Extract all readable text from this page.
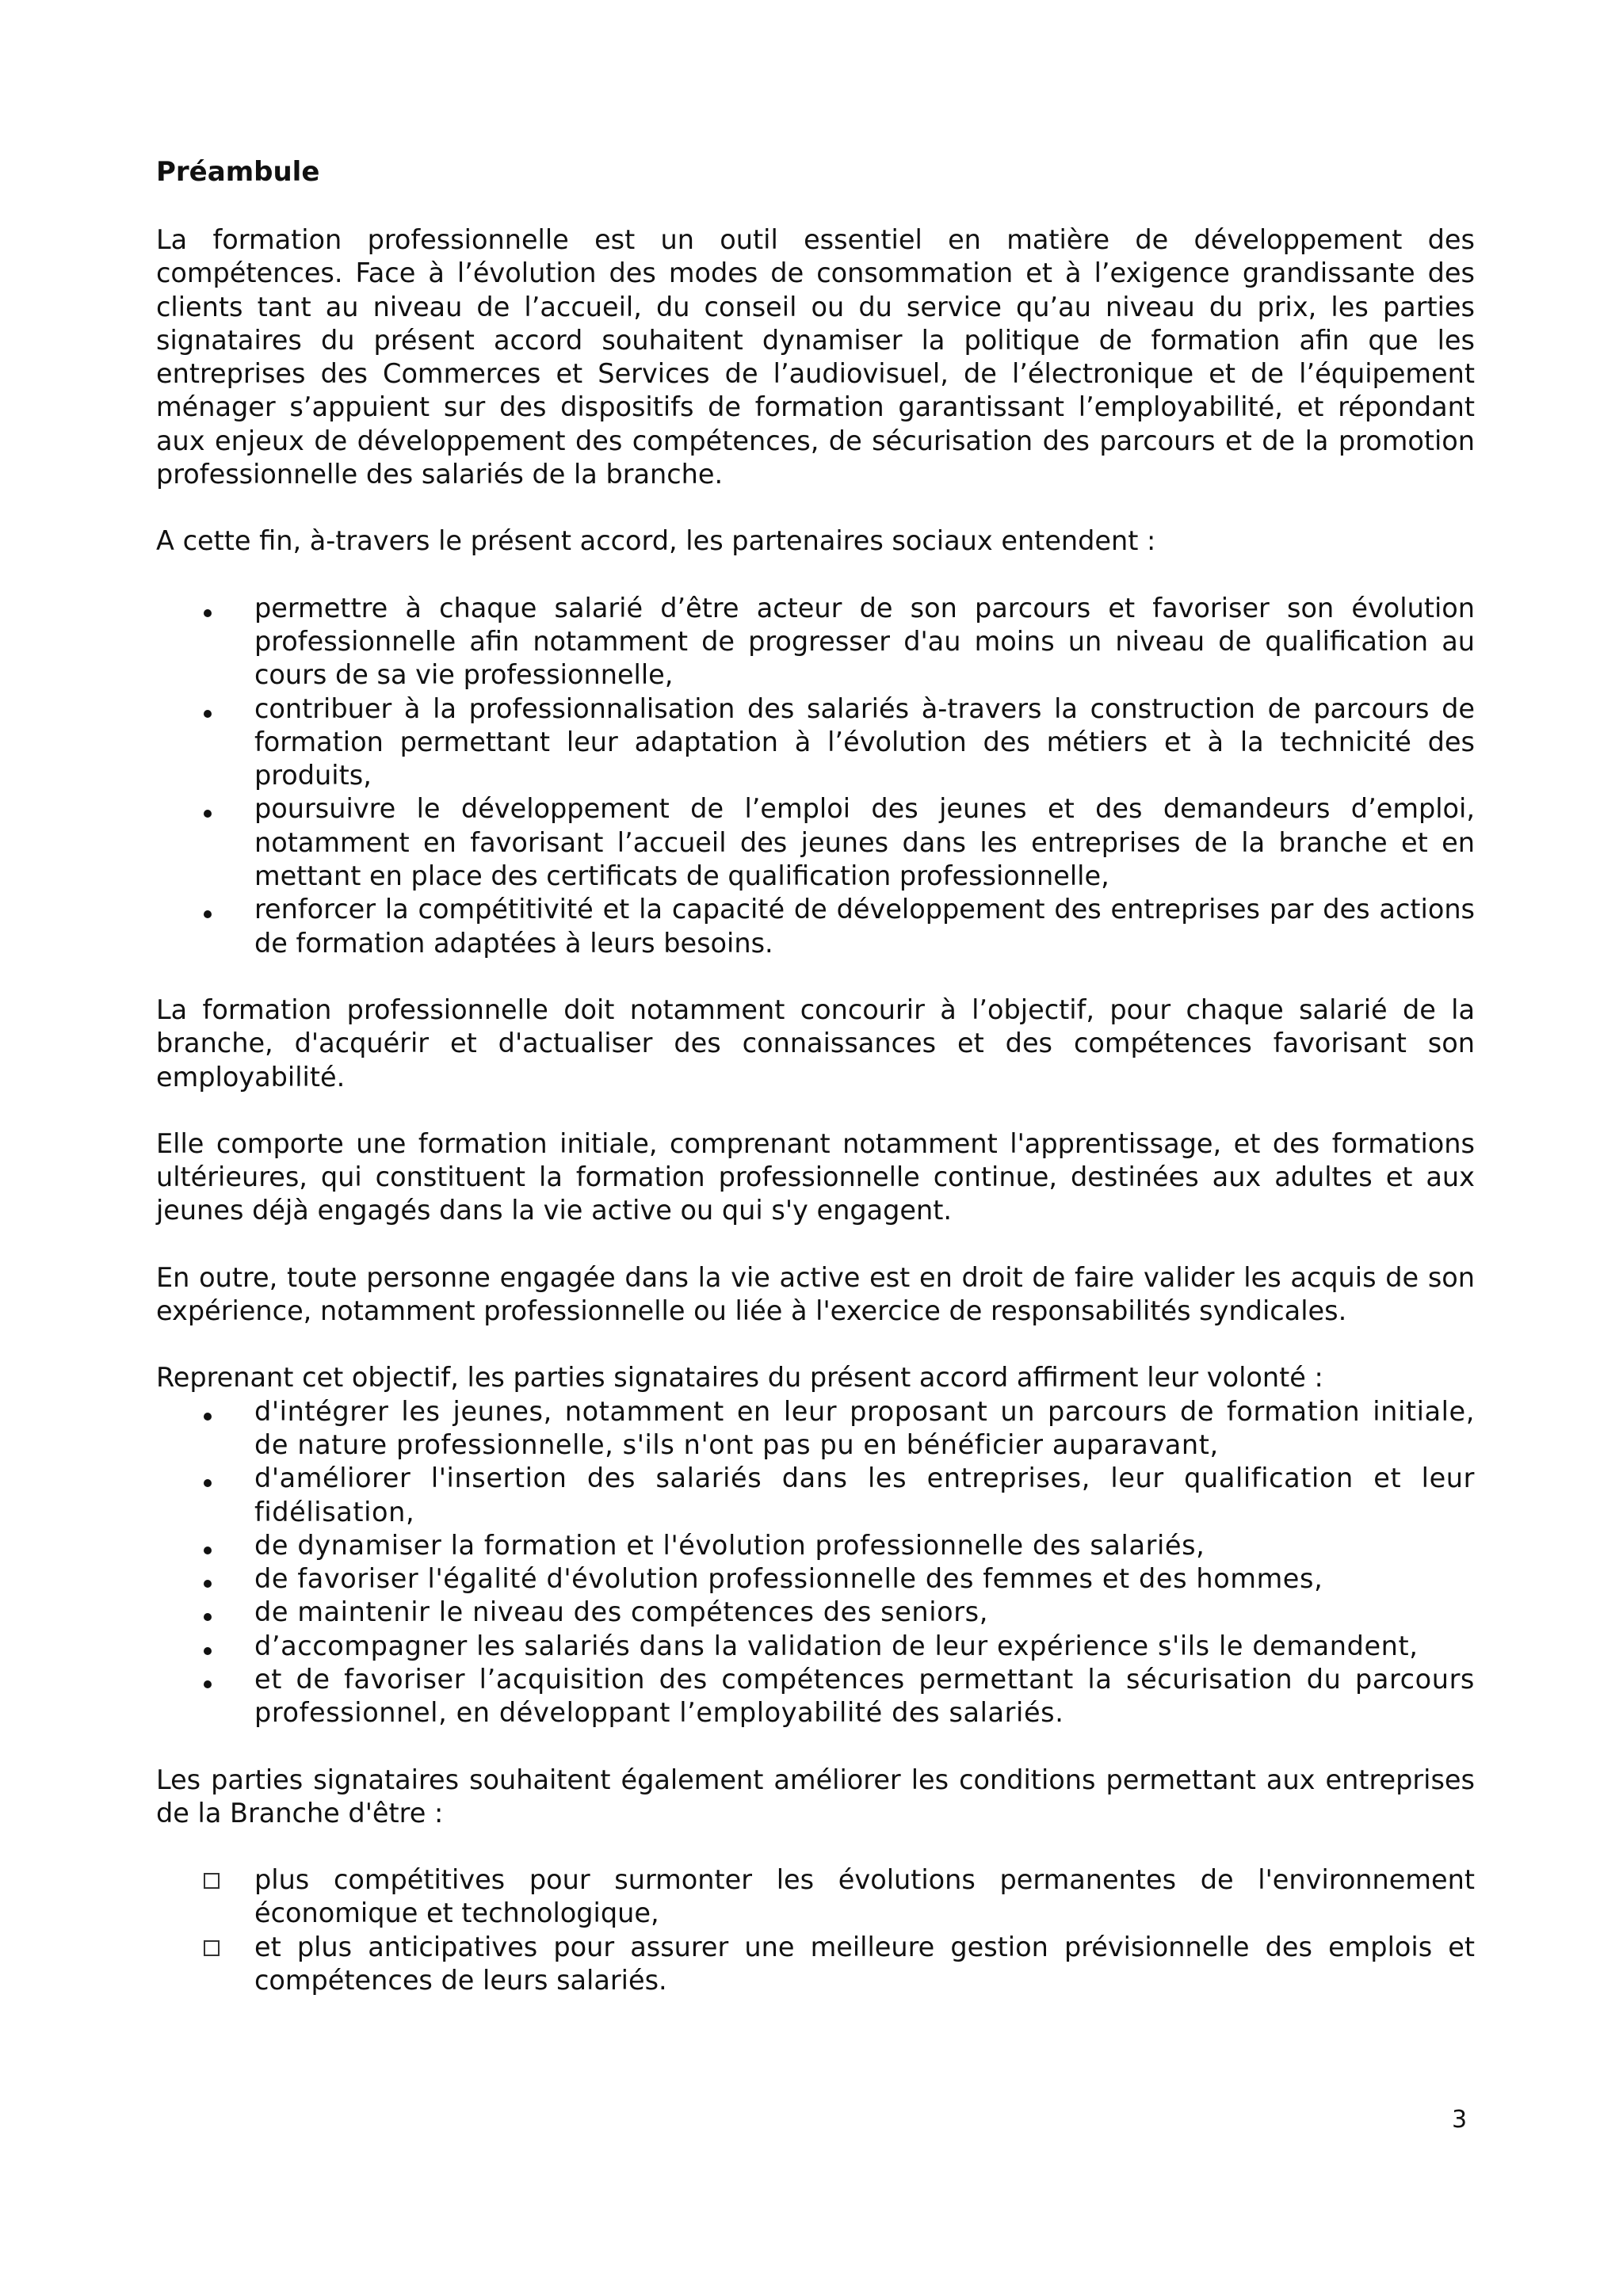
Préambule

La formation professionnelle est un outil essentiel en matière de développement des compétences. Face à l’évolution des modes de consommation et à l’exigence grandissante des clients tant au niveau de l’accueil, du conseil ou du service qu’au niveau du prix, les parties signataires du présent accord souhaitent dynamiser la politique de formation afin que les entreprises des Commerces et Services de l’audiovisuel, de l’électronique et de l’équipement ménager s’appuient sur des dispositifs de formation garantissant l’employabilité, et répondant aux enjeux de développement des compétences, de sécurisation des parcours et de la promotion professionnelle des salariés de la branche.

A cette fin, à-travers le présent accord, les partenaires sociaux entendent :

permettre à chaque salarié d’être acteur de son parcours et favoriser son évolution professionnelle afin notamment de progresser d'au moins un niveau de qualification au cours de sa vie professionnelle,
contribuer à la professionnalisation des salariés à-travers la construction de parcours de formation permettant leur adaptation à l’évolution des métiers et à la technicité des produits,
poursuivre le développement de l’emploi des jeunes et des demandeurs d’emploi, notamment en favorisant l’accueil des jeunes dans les entreprises de la branche et en mettant en place des certificats de qualification professionnelle,
renforcer la compétitivité et la capacité de développement des entreprises par des actions de formation adaptées à leurs besoins.

La formation professionnelle doit notamment concourir à l’objectif, pour chaque salarié de la branche, d'acquérir et d'actualiser des connaissances et des compétences favorisant son employabilité.

Elle comporte une formation initiale, comprenant notamment l'apprentissage, et des formations ultérieures, qui constituent la formation professionnelle continue, destinées aux adultes et aux jeunes déjà engagés dans la vie active ou qui s'y engagent.

En outre, toute personne engagée dans la vie active est en droit de faire valider les acquis de son expérience, notamment professionnelle ou liée à l'exercice de responsabilités syndicales.

Reprenant cet objectif, les parties signataires du présent accord affirment leur volonté :

d'intégrer les jeunes, notamment en leur proposant un parcours de formation initiale, de nature professionnelle, s'ils n'ont pas pu en bénéficier auparavant,
d'améliorer l'insertion des salariés dans les entreprises, leur qualification et leur fidélisation,
de dynamiser la formation et l'évolution professionnelle des salariés,
de favoriser l'égalité d'évolution professionnelle des femmes et des hommes,
de maintenir le niveau des compétences des seniors,
d’accompagner les salariés dans la validation de leur expérience s'ils le demandent,
et de favoriser l’acquisition des compétences permettant la sécurisation du parcours professionnel, en développant l’employabilité des salariés.

Les parties signataires souhaitent également améliorer les conditions permettant aux entreprises de la Branche d'être :

plus compétitives pour surmonter les évolutions permanentes de l'environnement économique et technologique,
et plus anticipatives pour assurer une meilleure gestion prévisionnelle des emplois et compétences de leurs salariés.
3
